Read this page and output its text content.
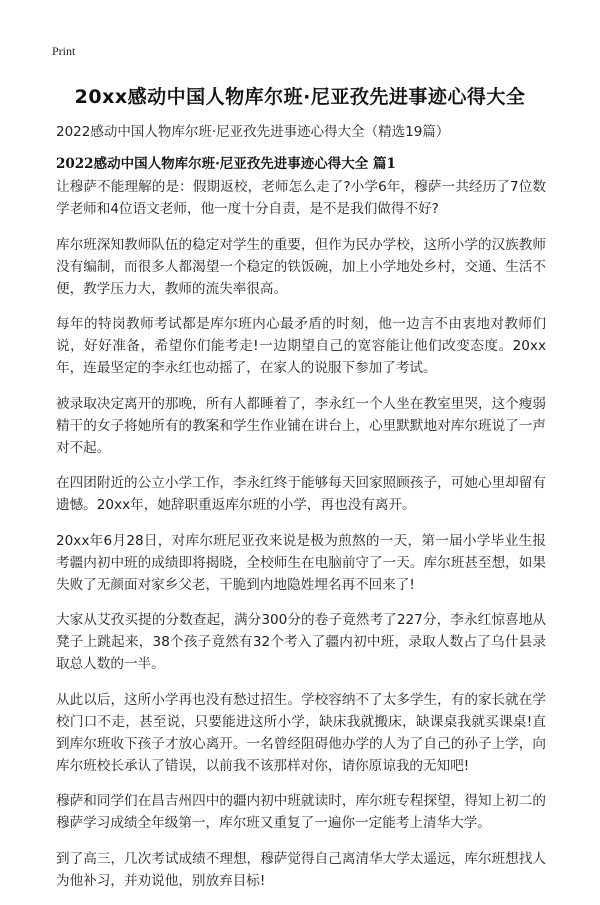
Print
20xx感动中国人物库尔班·尼亚孜先进事迹心得大全
2022感动中国人物库尔班·尼亚孜先进事迹心得大全（精选19篇）
2022感动中国人物库尔班·尼亚孜先进事迹心得大全 篇1

让穆萨不能理解的是：假期返校，老师怎么走了?小学6年，穆萨一共经历了7位数学老师和4位语文老师，他一度十分自责，是不是我们做得不好?

库尔班深知教师队伍的稳定对学生的重要，但作为民办学校，这所小学的汉族教师没有编制，而很多人都渴望一个稳定的铁饭碗，加上小学地处乡村，交通、生活不便，教学压力大，教师的流失率很高。

每年的特岗教师考试都是库尔班内心最矛盾的时刻，他一边言不由衷地对教师们说，好好准备，希望你们能考走!一边期望自己的宽容能让他们改变态度。20xx年，连最坚定的李永红也动摇了，在家人的说服下参加了考试。

被录取决定离开的那晚，所有人都睡着了，李永红一个人坐在教室里哭，这个瘦弱精干的女子将她所有的教案和学生作业铺在讲台上，心里默默地对库尔班说了一声对不起。

在四团附近的公立小学工作，李永红终于能够每天回家照顾孩子，可她心里却留有遗憾。20xx年，她辞职重返库尔班的小学，再也没有离开。

20xx年6月28日，对库尔班尼亚孜来说是极为煎熬的一天，第一届小学毕业生报考疆内初中班的成绩即将揭晓，全校师生在电脑前守了一天。库尔班甚至想，如果失败了无颜面对家乡父老，干脆到内地隐姓埋名再不回来了!

大家从艾孜买提的分数查起，满分300分的卷子竟然考了227分，李永红惊喜地从凳子上跳起来，38个孩子竟然有32个考入了疆内初中班，录取人数占了乌什县录取总人数的一半。

从此以后，这所小学再也没有愁过招生。学校容纳不了太多学生，有的家长就在学校门口不走，甚至说，只要能进这所小学，缺床我就搬床，缺课桌我就买课桌!直到库尔班收下孩子才放心离开。一名曾经阻碍他办学的人为了自己的孙子上学，向库尔班校长承认了错误，以前我不该那样对你，请你原谅我的无知吧!

穆萨和同学们在昌吉州四中的疆内初中班就读时，库尔班专程探望，得知上初二的穆萨学习成绩全年级第一，库尔班又重复了一遍你一定能考上清华大学。

到了高三，几次考试成绩不理想，穆萨觉得自己离清华大学太遥远，库尔班想找人为他补习，并劝说他，别放弃目标!
